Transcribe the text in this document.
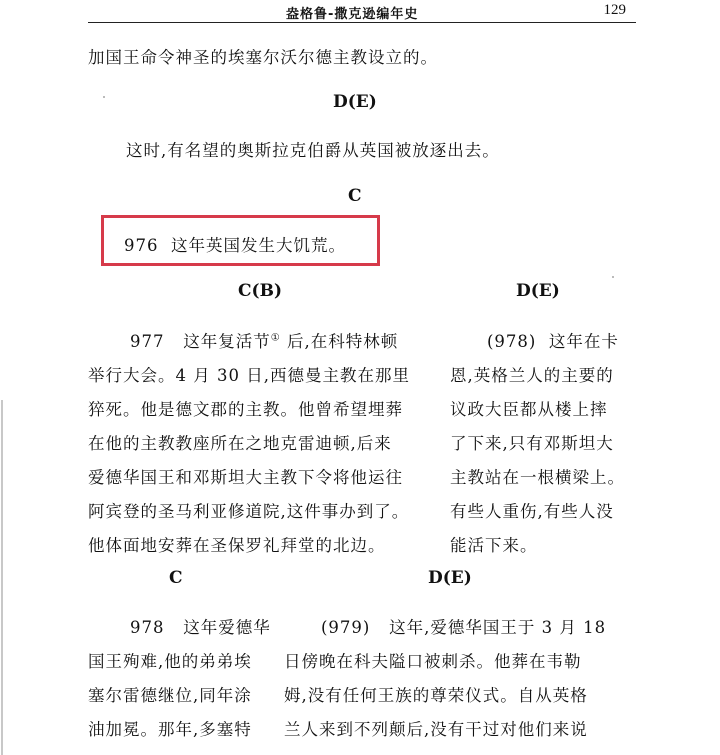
盎格鲁-撒克逊编年史	129
加国王命令神圣的埃塞尔沃尔德主教设立的。
D(E)
这时,有名望的奥斯拉克伯爵从英国被放逐出去。
C
976  这年英国发生大饥荒。
C(B)	D(E)
977   这年复活节① 后,在科特林顿
举行大会。4 月 30 日,西德曼主教在那里
猝死。他是德文郡的主教。他曾希望埋葬
在他的主教教座所在之地克雷迪顿,后来
爱德华国王和邓斯坦大主教下令将他运往
阿宾登的圣马利亚修道院,这件事办到了。
他体面地安葬在圣保罗礼拜堂的北边。
(978)  这年在卡
恩,英格兰人的主要的
议政大臣都从楼上摔
了下来,只有邓斯坦大
主教站在一根横梁上。
有些人重伤,有些人没
能活下来。
C	D(E)
978   这年爱德华
国王殉难,他的弟弟埃
塞尔雷德继位,同年涂
油加冕。那年,多塞特
(979)   这年,爱德华国王于 3 月 18
日傍晚在科夫隘口被刺杀。他葬在韦勒
姆,没有任何王族的尊荣仪式。自从英格
兰人来到不列颠后,没有干过对他们来说
